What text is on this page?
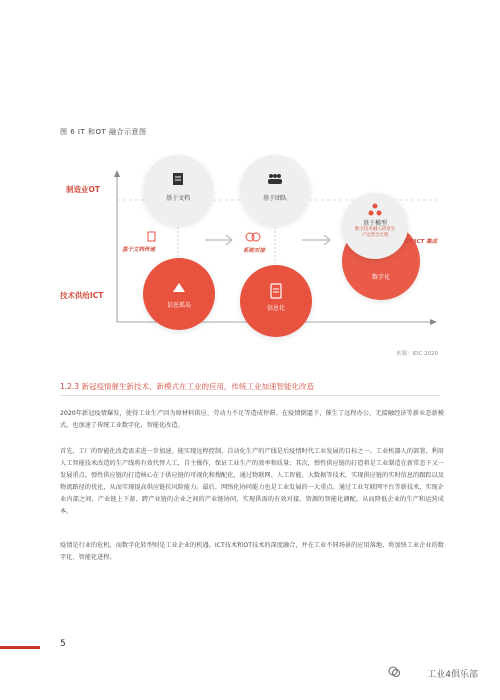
图 6 IT 和OT 融合示意图
基于文档
基于文档传递
信息孤岛
基于团队
系统对接
信息化
数字化
基于模型
数字技术融入研发生产运营全过程
OT/ICT 集成
制造业OT
技术供给ICT
来源：IDC 2020
1.2.3 新冠疫情催生新技术、新模式在工业的应用，传统工业加速智能化改造
2020年新冠疫情爆发，使得工业生产因为原材料供应、劳动力不足等造成停滞。在疫情倒逼下，催生了远程办公、无接触经济等新业态新模式，也加速了传统工业数字化、智能化改造。
首先，工厂的智能化改造需求进一步加速。能实现远程控制、自动化生产的产线是后疫情时代工业发展的目标之一。工业机器人的部署、利用人工智能技术改造的生产线将有效代替人工，自主操作，保证工业生产的效率和质量；其次，弹性供应链的打造将是工业制造在新常态下又一发展重点。弹性供应链的打造核心在于供应链的可视化和搜配化，通过物联网、人工智能、大数据等技术，实现供应链的实时信息的跟踪以及物流路径的优化，从而实现提高供应链抗风险能力。最后，网络化协同能力也是工业发展的一大重点。通过工业互联网平台等新技术，实现企业内部之间、产业链上下游、跨产业链的企业之间的产业链协同，实现供需的有效对接、资源的智能化调配，从而降低企业的生产和运营成本。
疫情是行业的危机，而数字化转型则是工业企业的机遇。ICT技术和OT技术的深度融合，并在工业不同场景的应用落地，将加快工业企业的数字化、智能化进程。
5
工业4俱乐部
